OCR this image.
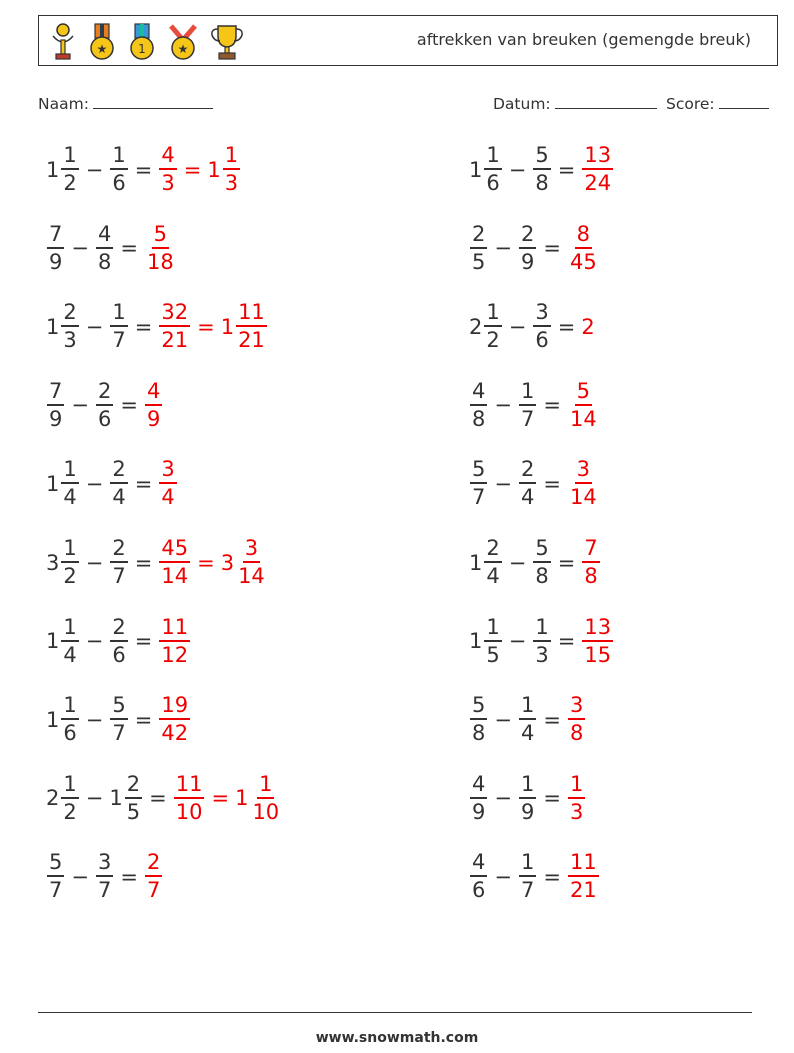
★	1	★	aftrekken van breuken (gemengde breuk)
Naam:	Datum:	Score:
$1 \frac{1}{2} - \frac{1}{6} = \frac{4}{3} = 1 \frac{1}{3}$	$1 \frac{1}{6} - \frac{5}{8} = \frac{13}{24}$
$\frac{7}{9} - \frac{4}{8} = \frac{5}{18}$	$\frac{2}{5} - \frac{2}{9} = \frac{8}{45}$
$1 \frac{2}{3} - \frac{1}{7} = \frac{32}{21} = 1 \frac{11}{21}$	$2 \frac{1}{2} - \frac{3}{6} = 2$
$\frac{7}{9} - \frac{2}{6} = \frac{4}{9}$	$\frac{4}{8} - \frac{1}{7} = \frac{5}{14}$
$1 \frac{1}{4} - \frac{2}{4} = \frac{3}{4}$	$\frac{5}{7} - \frac{2}{4} = \frac{3}{14}$
$3 \frac{1}{2} - \frac{2}{7} = \frac{45}{14} = 3 \frac{3}{14}$	$1 \frac{2}{4} - \frac{5}{8} = \frac{7}{8}$
$1 \frac{1}{4} - \frac{2}{6} = \frac{11}{12}$	$1 \frac{1}{5} - \frac{1}{3} = \frac{13}{15}$
$1 \frac{1}{6} - \frac{5}{7} = \frac{19}{42}$	$\frac{5}{8} - \frac{1}{4} = \frac{3}{8}$
$2 \frac{1}{2} - 1 \frac{2}{5} = \frac{11}{10} = 1 \frac{1}{10}$	$\frac{4}{9} - \frac{1}{9} = \frac{1}{3}$
$\frac{5}{7} - \frac{3}{7} = \frac{2}{7}$	$\frac{4}{6} - \frac{1}{7} = \frac{11}{21}$
www.snowmath.com
